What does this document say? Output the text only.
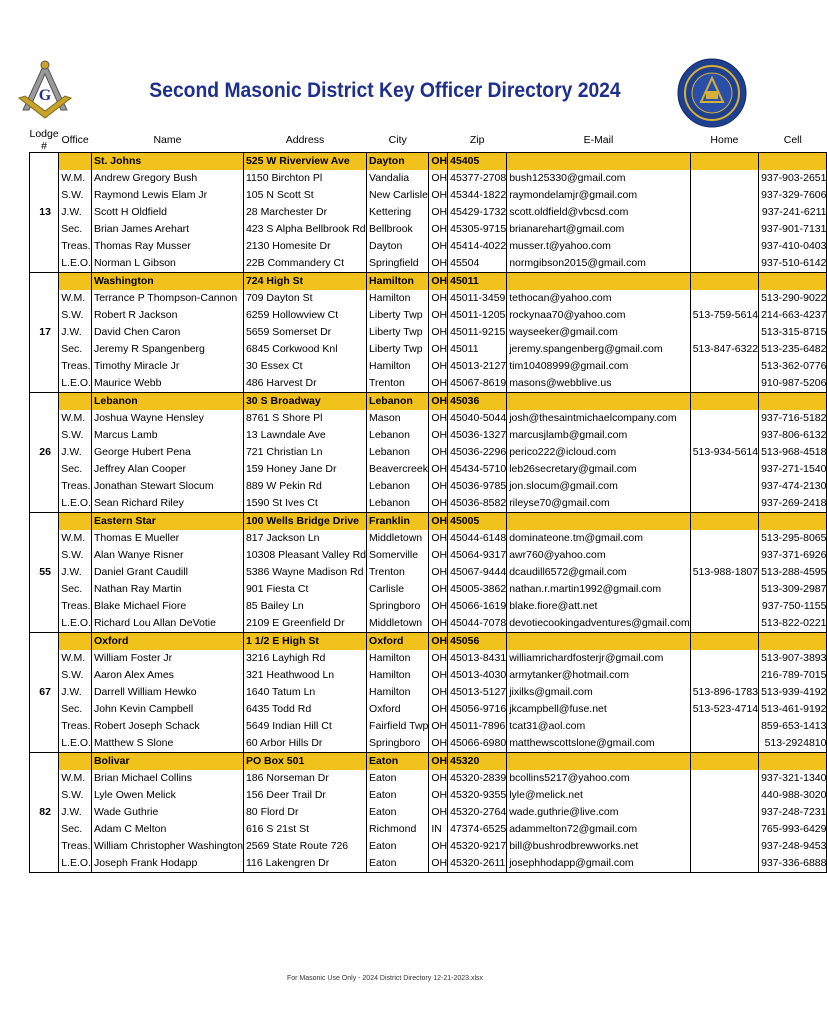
G	Second Masonic District Key Officer Directory 2024
Lodge #	Office	Name	Address	City		Zip	E-Mail	Home	Cell
13		St. Johns	525 W Riverview Ave	Dayton	OH	45405			
	W.M.	Andrew Gregory Bush	1150 Birchton Pl	Vandalia	OH	45377-2708	bush125330@gmail.com		937-903-2651
	S.W.	Raymond Lewis Elam Jr	105 N Scott St	New Carlisle	OH	45344-1822	raymondelamjr@gmail.com		937-329-7606
	J.W.	Scott H Oldfield	28 Marchester Dr	Kettering	OH	45429-1732	scott.oldfield@vbcsd.com		937-241-6211
	Sec.	Brian James Arehart	423 S Alpha Bellbrook Rd	Bellbrook	OH	45305-9715	brianarehart@gmail.com		937-901-7131
	Treas.	Thomas Ray Musser	2130 Homesite Dr	Dayton	OH	45414-4022	musser.t@yahoo.com		937-410-0403
	L.E.O.	Norman L Gibson	22B Commandery Ct	Springfield	OH	45504	normgibson2015@gmail.com		937-510-6142
17		Washington	724 High St	Hamilton	OH	45011			
	W.M.	Terrance P Thompson-Cannon	709 Dayton St	Hamilton	OH	45011-3459	tethocan@yahoo.com		513-290-9022
	S.W.	Robert R Jackson	6259 Hollowview Ct	Liberty Twp	OH	45011-1205	rockynaa70@yahoo.com	513-759-5614	214-663-4237
	J.W.	David Chen Caron	5659 Somerset Dr	Liberty Twp	OH	45011-9215	wayseeker@gmail.com		513-315-8715
	Sec.	Jeremy R Spangenberg	6845 Corkwood Knl	Liberty Twp	OH	45011	jeremy.spangenberg@gmail.com	513-847-6322	513-235-6482
	Treas.	Timothy Miracle Jr	30 Essex Ct	Hamilton	OH	45013-2127	tim10408999@gmail.com		513-362-0776
	L.E.O.	Maurice Webb	486 Harvest Dr	Trenton	OH	45067-8619	masons@webblive.us		910-987-5206
26		Lebanon	30 S Broadway	Lebanon	OH	45036			
	W.M.	Joshua Wayne Hensley	8761 S Shore Pl	Mason	OH	45040-5044	josh@thesaintmichaelcompany.com		937-716-5182
	S.W.	Marcus Lamb	13 Lawndale Ave	Lebanon	OH	45036-1327	marcusjlamb@gmail.com		937-806-6132
	J.W.	George Hubert Pena	721 Christian Ln	Lebanon	OH	45036-2296	perico222@icloud.com	513-934-5614	513-968-4518
	Sec.	Jeffrey Alan Cooper	159 Honey Jane Dr	Beavercreek	OH	45434-5710	leb26secretary@gmail.com		937-271-1540
	Treas.	Jonathan Stewart Slocum	889 W Pekin Rd	Lebanon	OH	45036-9785	jon.slocum@gmail.com		937-474-2130
	L.E.O.	Sean Richard Riley	1590 St Ives Ct	Lebanon	OH	45036-8582	rileyse70@gmail.com		937-269-2418
55		Eastern Star	100 Wells Bridge Drive	Franklin	OH	45005			
	W.M.	Thomas E Mueller	817 Jackson Ln	Middletown	OH	45044-6148	dominateone.tm@gmail.com		513-295-8065
	S.W.	Alan Wanye Risner	10308 Pleasant Valley Rd	Somerville	OH	45064-9317	awr760@yahoo.com		937-371-6926
	J.W.	Daniel Grant Caudill	5386 Wayne Madison Rd	Trenton	OH	45067-9444	dcaudill6572@gmail.com	513-988-1807	513-288-4595
	Sec.	Nathan Ray Martin	901 Fiesta Ct	Carlisle	OH	45005-3862	nathan.r.martin1992@gmail.com		513-309-2987
	Treas.	Blake Michael Fiore	85 Bailey Ln	Springboro	OH	45066-1619	blake.fiore@att.net		937-750-1155
	L.E.O.	Richard Lou Allan DeVotie	2109 E Greenfield Dr	Middletown	OH	45044-7078	devotiecookingadventures@gmail.com		513-822-0221
67		Oxford	1 1/2 E High St	Oxford	OH	45056			
	W.M.	William Foster Jr	3216 Layhigh Rd	Hamilton	OH	45013-8431	williamrichardfosterjr@gmail.com		513-907-3893
	S.W.	Aaron Alex Ames	321 Heathwood Ln	Hamilton	OH	45013-4030	armytanker@hotmail.com		216-789-7015
	J.W.	Darrell William Hewko	1640 Tatum Ln	Hamilton	OH	45013-5127	jixilks@gmail.com	513-896-1783	513-939-4192
	Sec.	John Kevin Campbell	6435 Todd Rd	Oxford	OH	45056-9716	jkcampbell@fuse.net	513-523-4714	513-461-9192
	Treas.	Robert Joseph Schack	5649 Indian Hill Ct	Fairfield Twp	OH	45011-7896	tcat31@aol.com		859-653-1413
	L.E.O.	Matthew S Slone	60 Arbor Hills Dr	Springboro	OH	45066-6980	matthewscottslone@gmail.com		513-2924810
82		Bolivar	PO Box 501	Eaton	OH	45320			
	W.M.	Brian Michael Collins	186 Norseman Dr	Eaton	OH	45320-2839	bcollins5217@yahoo.com		937-321-1340
	S.W.	Lyle Owen Melick	156 Deer Trail Dr	Eaton	OH	45320-9355	lyle@melick.net		440-988-3020
	J.W.	Wade Guthrie	80 Flord Dr	Eaton	OH	45320-2764	wade.guthrie@live.com		937-248-7231
	Sec.	Adam C Melton	616 S 21st St	Richmond	IN	47374-6525	adammelton72@gmail.com		765-993-6429
	Treas.	William Christopher Washington	2569 State Route 726	Eaton	OH	45320-9217	bill@bushrodbrewworks.net		937-248-9453
	L.E.O.	Joseph Frank Hodapp	116 Lakengren Dr	Eaton	OH	45320-2611	josephhodapp@gmail.com		937-336-6888
For Masonic Use Only - 2024 District Directory 12-21-2023.xlsx
